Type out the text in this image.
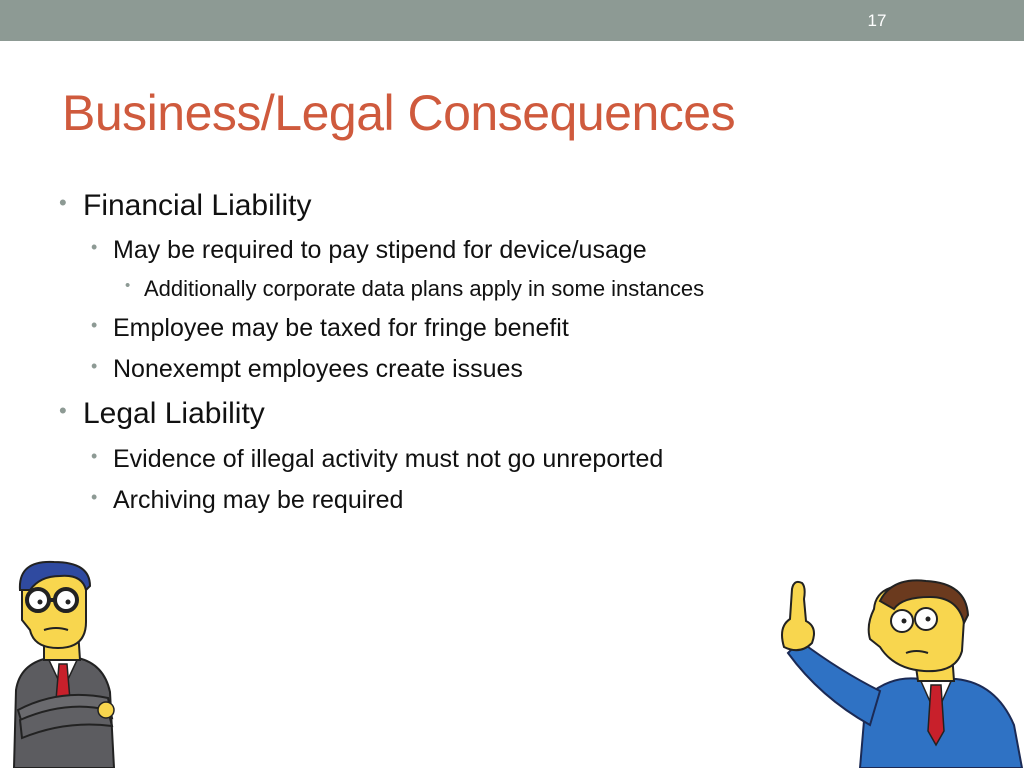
17
Business/Legal Consequences
• Financial Liability
• May be required to pay stipend for device/usage
• Additionally corporate data plans apply in some instances
• Employee may be taxed for fringe benefit
• Nonexempt employees create issues
• Legal Liability
• Evidence of illegal activity must not go unreported
• Archiving may be required
